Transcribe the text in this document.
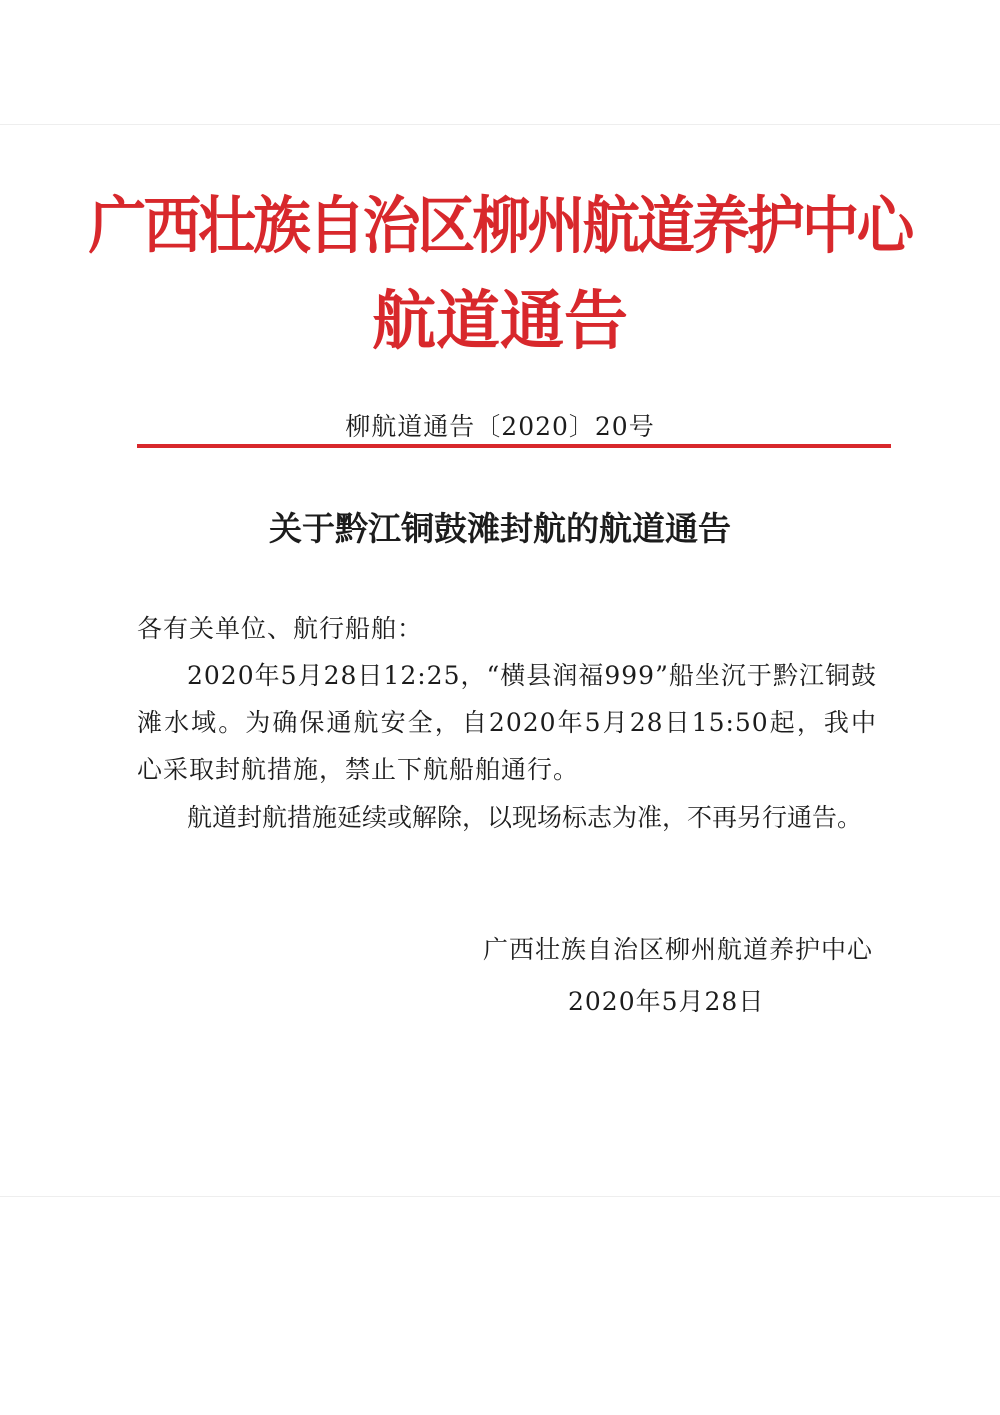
广西壮族自治区柳州航道养护中心
航道通告
柳航道通告〔2020〕20号
关于黔江铜鼓滩封航的航道通告
各有关单位、航行船舶：
2020年5月28日12:25，“横县润福999”船坐沉于黔江铜鼓滩水域。为确保通航安全，自2020年5月28日15:50起，我中心采取封航措施，禁止下航船舶通行。
航道封航措施延续或解除，以现场标志为准，不再另行通告。
广西壮族自治区柳州航道养护中心
2020年5月28日
